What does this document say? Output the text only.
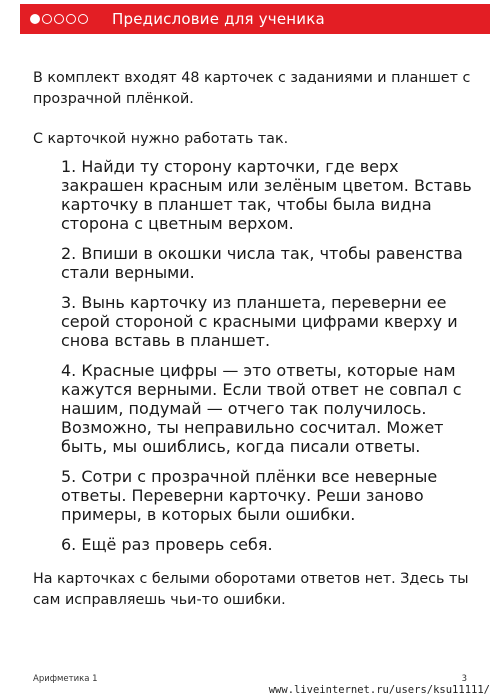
Предисловие для ученика

В комплект входят 48 карточек с заданиями и планшет с прозрачной плёнкой.

С карточкой нужно работать так.

1. Найди ту сторону карточки, где верх закрашен красным или зелёным цветом. Вставь карточку в планшет так, чтобы была видна сторона с цветным верхом.
2. Впиши в окошки числа так, чтобы равенства стали верными.
3. Вынь карточку из планшета, переверни ее серой стороной с красными цифрами кверху и снова вставь в планшет.
4. Красные цифры — это ответы, которые нам кажутся верными. Если твой ответ не совпал с нашим, подумай — отчего так получилось. Возможно, ты неправильно сосчитал. Может быть, мы ошиблись, когда писали ответы.
5. Сотри с прозрачной плёнки все неверные ответы. Переверни карточку. Реши заново примеры, в которых были ошибки.
6. Ещё раз проверь себя.

На карточках с белыми оборотами ответов нет. Здесь ты сам исправляешь чьи-то ошибки.

Арифметика 1	3
www.liveinternet.ru/users/ksu11111/
